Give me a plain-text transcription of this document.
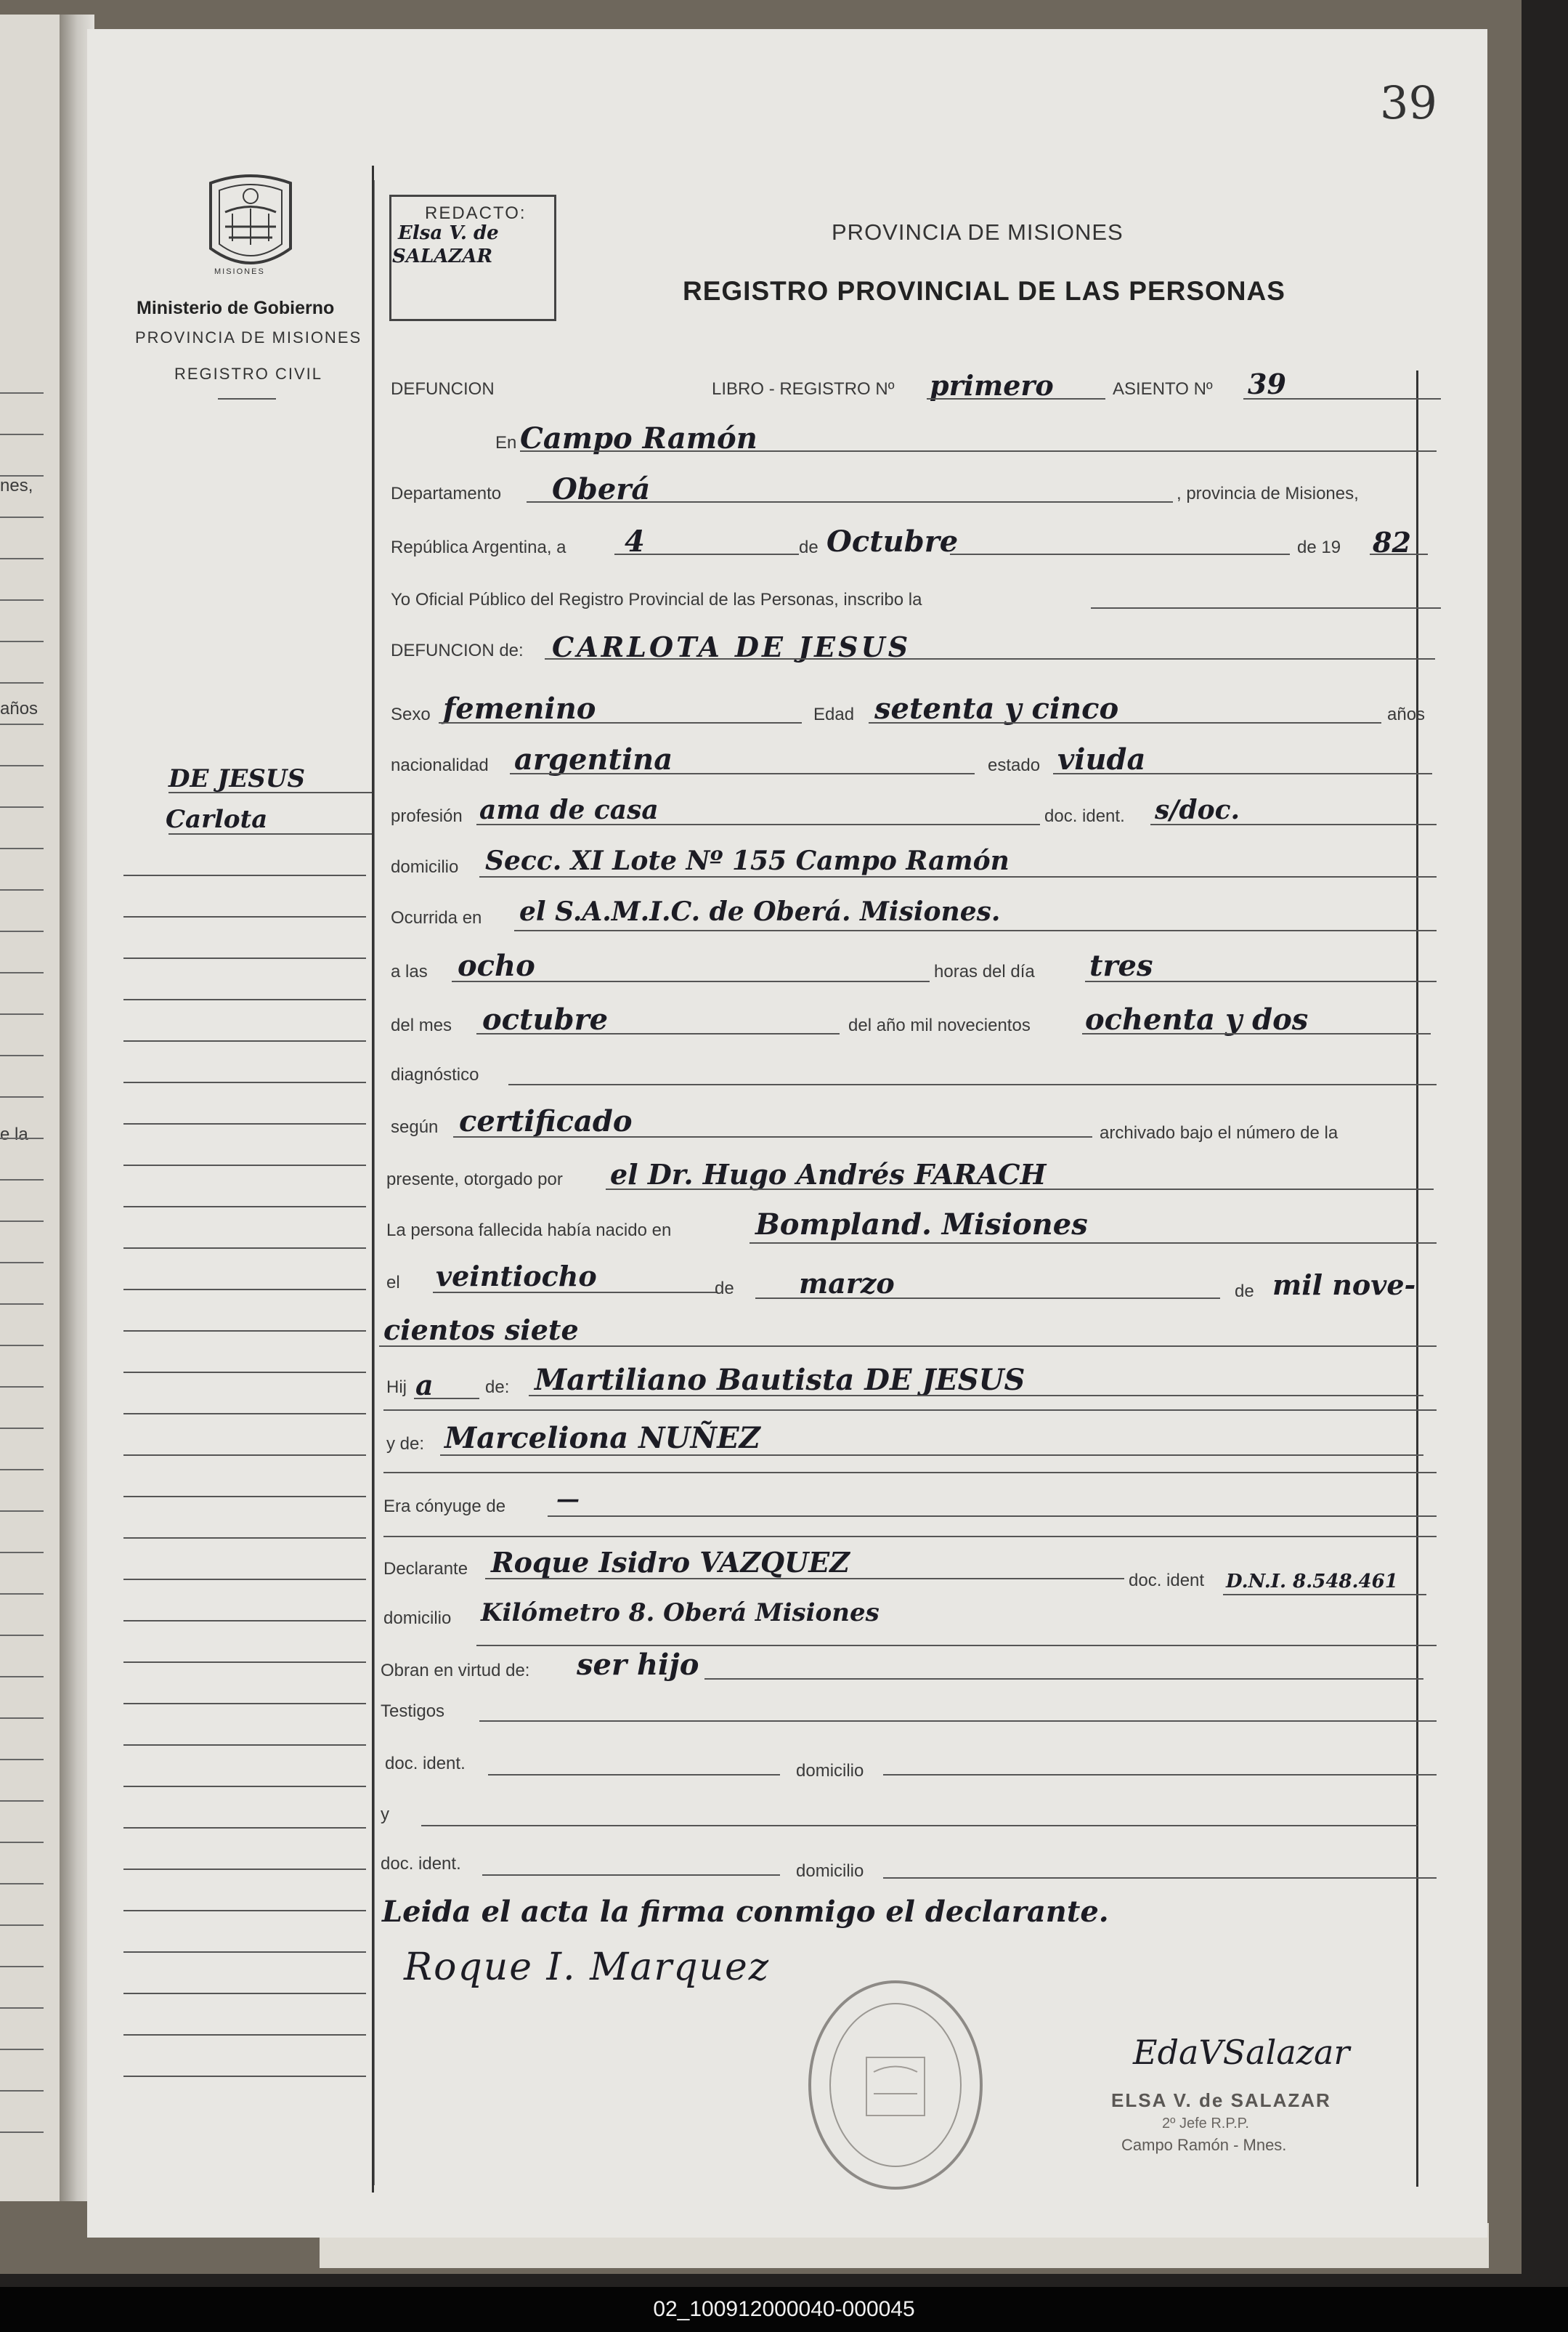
nes,
años
e la
39
MISIONES
Ministerio de Gobierno
PROVINCIA DE MISIONES
REGISTRO CIVIL
REDACTO:
Elsa V. de
SALAZAR
PROVINCIA DE MISIONES
REGISTRO PROVINCIAL DE LAS PERSONAS
DE JESUS
Carlota
DEFUNCION	LIBRO - REGISTRO Nº primero	ASIENTO Nº 39
En Campo Ramón
Departamento Oberá	, provincia de Misiones,
República Argentina, a 4	de Octubre	de 19 82
Yo Oficial Público del Registro Provincial de las Personas, inscribo la
DEFUNCION de: CARLOTA DE JESUS
Sexo femenino	Edad setenta y cinco	años
nacionalidad argentina	estado viuda
profesión ama de casa	doc. ident. s/doc.
domicilio Secc. XI Lote Nº 155 Campo Ramón
Ocurrida en el S.A.M.I.C. de Oberá. Misiones.
a las ocho	horas del día tres
del mes octubre	del año mil novecientos ochenta y dos
diagnóstico
según certificado	archivado bajo el número de la
presente, otorgado por el Dr. Hugo Andrés FARACH
La persona fallecida había nacido en	Bompland. Misiones
el veintiocho	de marzo	de mil nove-
cientos siete
Hij a	de: Martiliano Bautista DE JESUS
y de: Marceliona NUÑEZ
Era cónyuge de —
Declarante Roque Isidro VAZQUEZ
doc. ident D.N.I. 8.548.461
domicilio Kilómetro 8. Oberá Misiones
Obran en virtud de: ser hijo
Testigos
doc. ident.	domicilio
y
doc. ident.	domicilio
Leida el acta la firma conmigo el declarante.
Roque I. Marquez
EdaVSalazar
ELSA V. de SALAZAR
2º Jefe R.P.P.
Campo Ramón - Mnes.
02_100912000040-000045
